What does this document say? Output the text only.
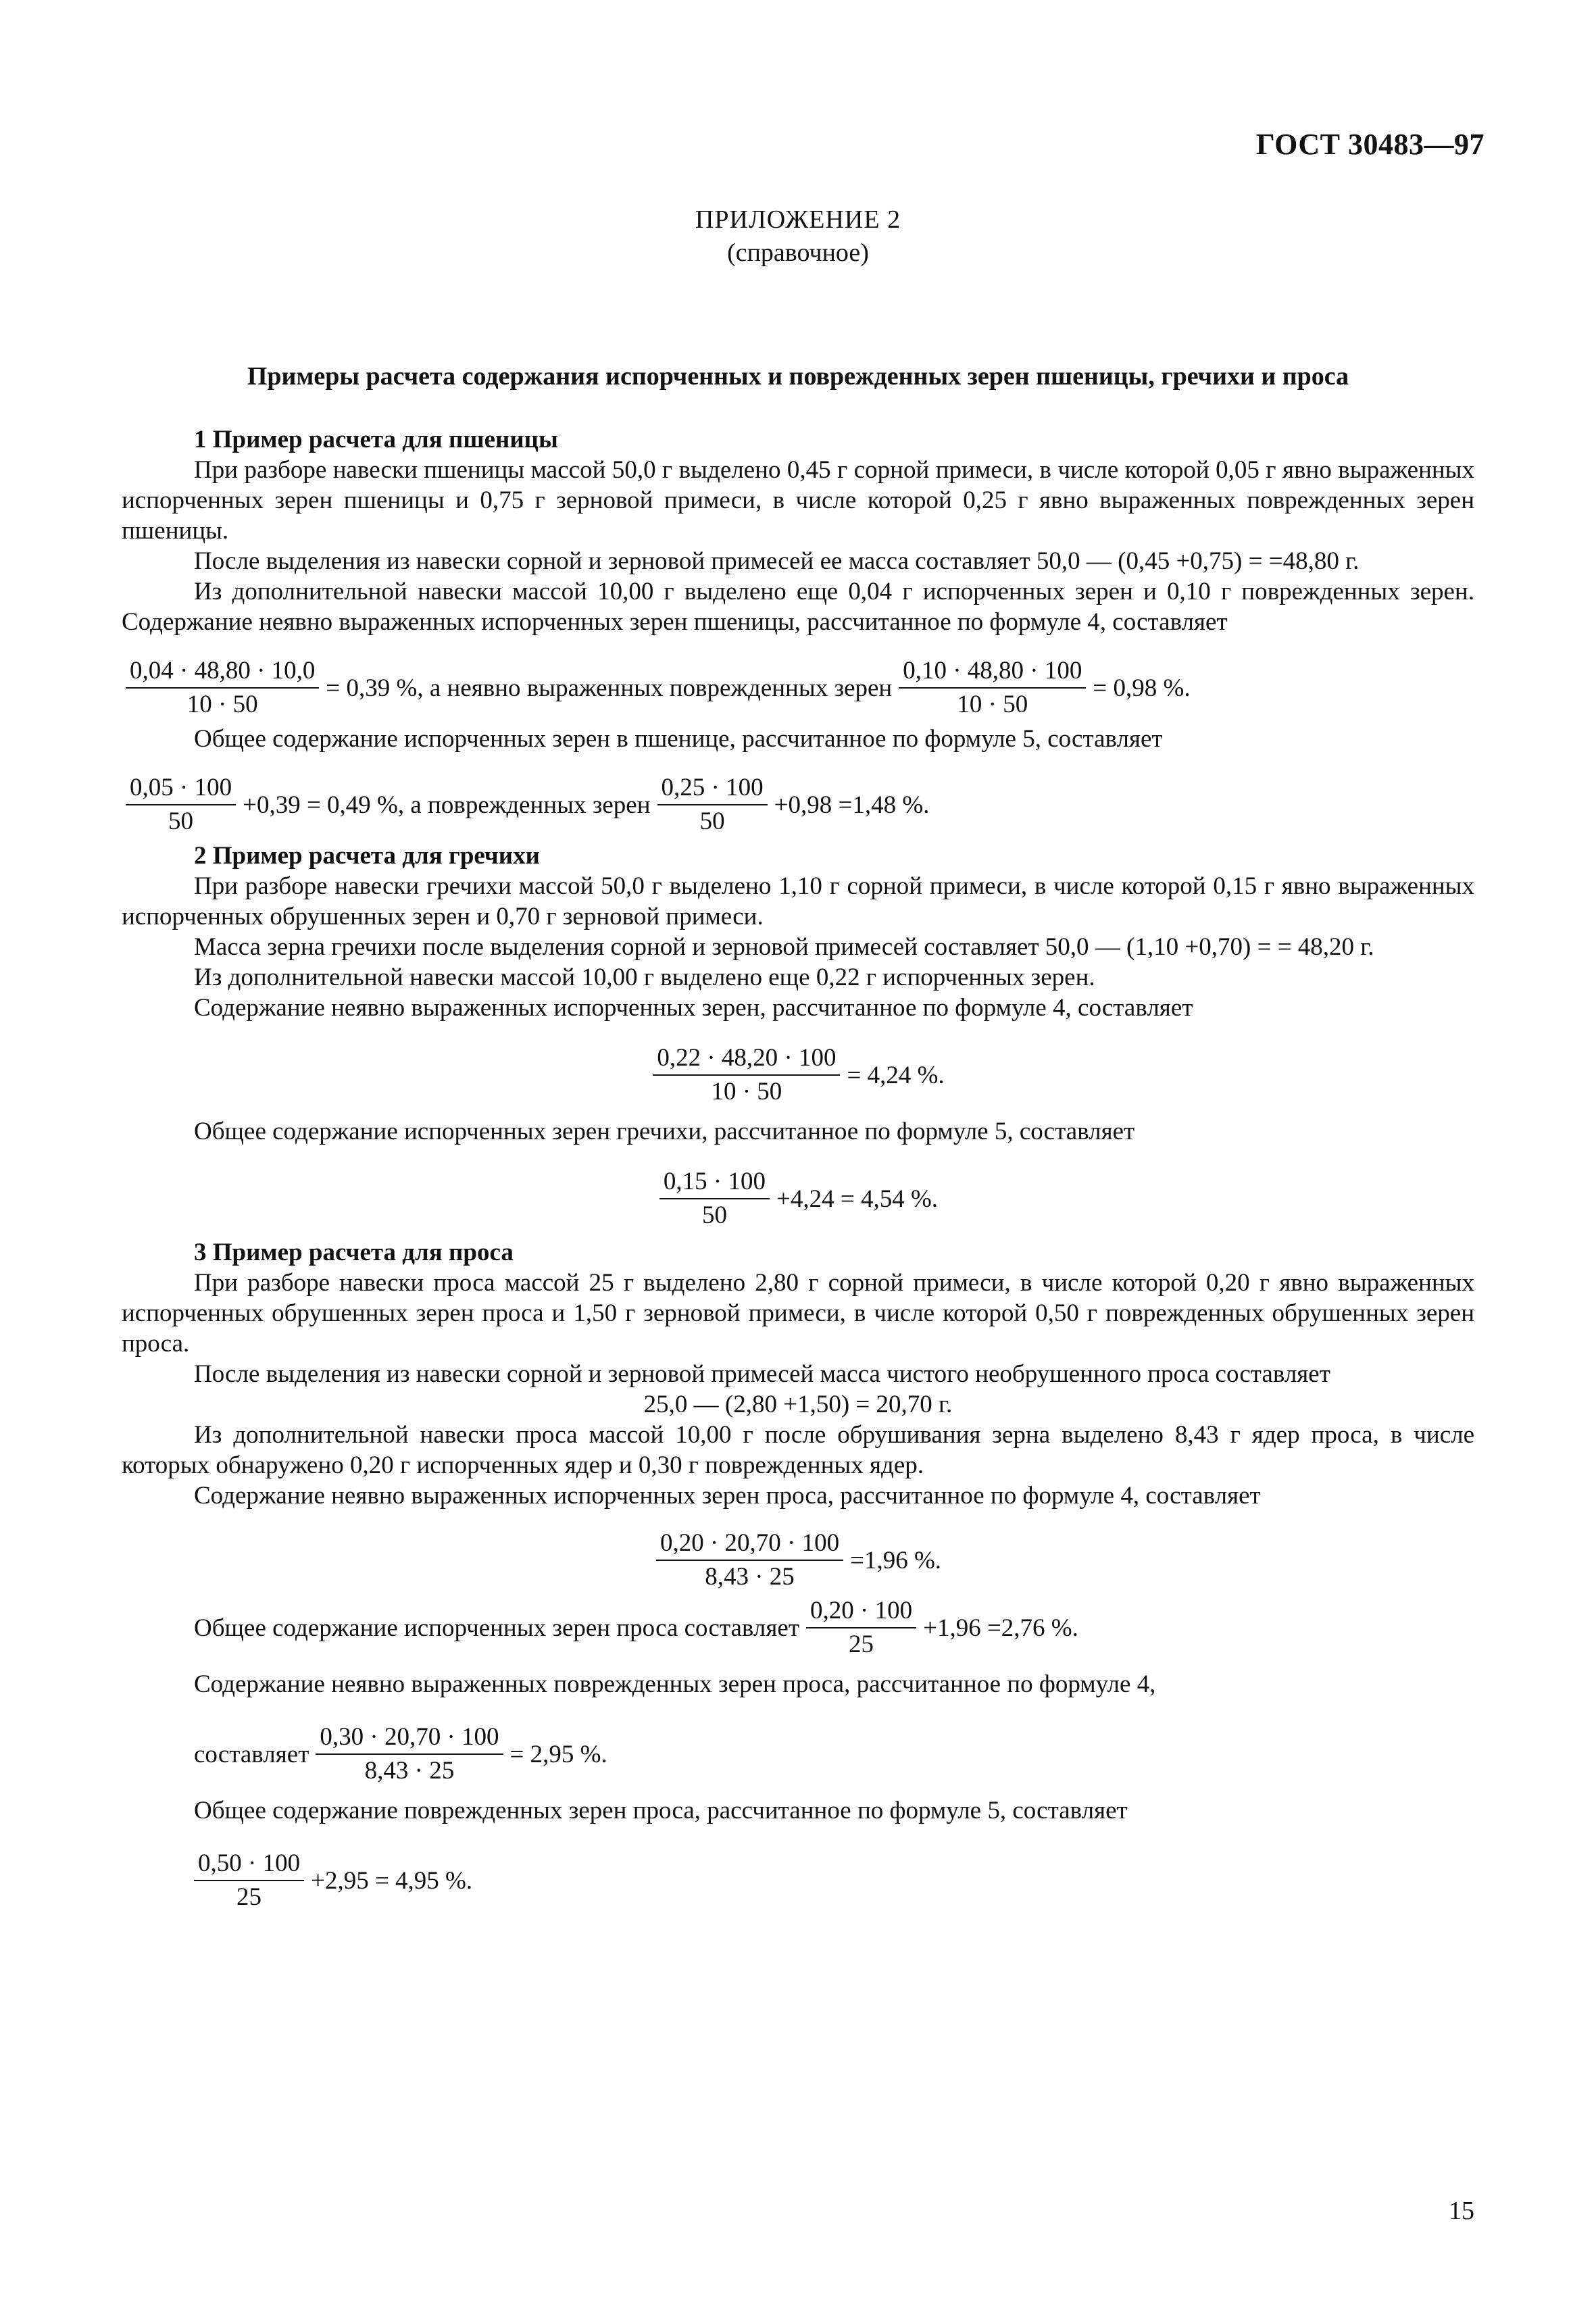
ГОСТ 30483—97
ПРИЛОЖЕНИЕ 2
(справочное)
Примеры расчета содержания испорченных и поврежденных зерен пшеницы, гречихи и проса
1 Пример расчета для пшеницы

При разборе навески пшеницы массой 50,0 г выделено 0,45 г сорной примеси, в числе которой 0,05 г явно выраженных испорченных зерен пшеницы и 0,75 г зерновой примеси, в числе которой 0,25 г явно выраженных поврежденных зерен пшеницы.

После выделения из навески сорной и зерновой примесей ее масса составляет 50,0 — (0,45 +0,75) = =48,80 г.

Из дополнительной навески массой 10,00 г выделено еще 0,04 г испорченных зерен и 0,10 г поврежденных зерен. Содержание неявно выраженных испорченных зерен пшеницы, рассчитанное по формуле 4, составляет

$\frac{0,04 \cdot 48,80 \cdot 10,0}{10 \cdot 50} = 0,39$ %, а неявно выраженных поврежденных зерен $\frac{0,10 \cdot 48,80 \cdot 100}{10 \cdot 50} = 0,98$ %.

Общее содержание испорченных зерен в пшенице, рассчитанное по формуле 5, составляет

$\frac{0,05 \cdot 100}{50} +0,39 = 0,49$ %, а поврежденных зерен $\frac{0,25 \cdot 100}{50} +0,98 =1,48$ %.
2 Пример расчета для гречихи

При разборе навески гречихи массой 50,0 г выделено 1,10 г сорной примеси, в числе которой 0,15 г явно выраженных испорченных обрушенных зерен и 0,70 г зерновой примеси.

Масса зерна гречихи после выделения сорной и зерновой примесей составляет 50,0 — (1,10 +0,70) = = 48,20 г.

Из дополнительной навески массой 10,00 г выделено еще 0,22 г испорченных зерен.

Содержание неявно выраженных испорченных зерен, рассчитанное по формуле 4, составляет

$\frac{0,22 \cdot 48,20 \cdot 100}{10 \cdot 50} = 4,24$ %.

Общее содержание испорченных зерен гречихи, рассчитанное по формуле 5, составляет

$\frac{0,15 \cdot 100}{50} +4,24 = 4,54$ %.
3 Пример расчета для проса

При разборе навески проса массой 25 г выделено 2,80 г сорной примеси, в числе которой 0,20 г явно выраженных испорченных обрушенных зерен проса и 1,50 г зерновой примеси, в числе которой 0,50 г поврежденных обрушенных зерен проса.

После выделения из навески сорной и зерновой примесей масса чистого необрушенного проса составляет

25,0 — (2,80 +1,50) = 20,70 г.

Из дополнительной навески проса массой 10,00 г после обрушивания зерна выделено 8,43 г ядер проса, в числе которых обнаружено 0,20 г испорченных ядер и 0,30 г поврежденных ядер.

Содержание неявно выраженных испорченных зерен проса, рассчитанное по формуле 4, составляет

$\frac{0,20 \cdot 20,70 \cdot 100}{8,43 \cdot 25} =1,96$ %.
Общее содержание испорченных зерен проса составляет $\frac{0,20 \cdot 100}{25} +1,96 =2,76$ %.

Содержание неявно выраженных поврежденных зерен проса, рассчитанное по формуле 4,

составляет $\frac{0,30 \cdot 20,70 \cdot 100}{8,43 \cdot 25} = 2,95$ %.

Общее содержание поврежденных зерен проса, рассчитанное по формуле 5, составляет

$\frac{0,50 \cdot 100}{25} +2,95 = 4,95$ %.
15
